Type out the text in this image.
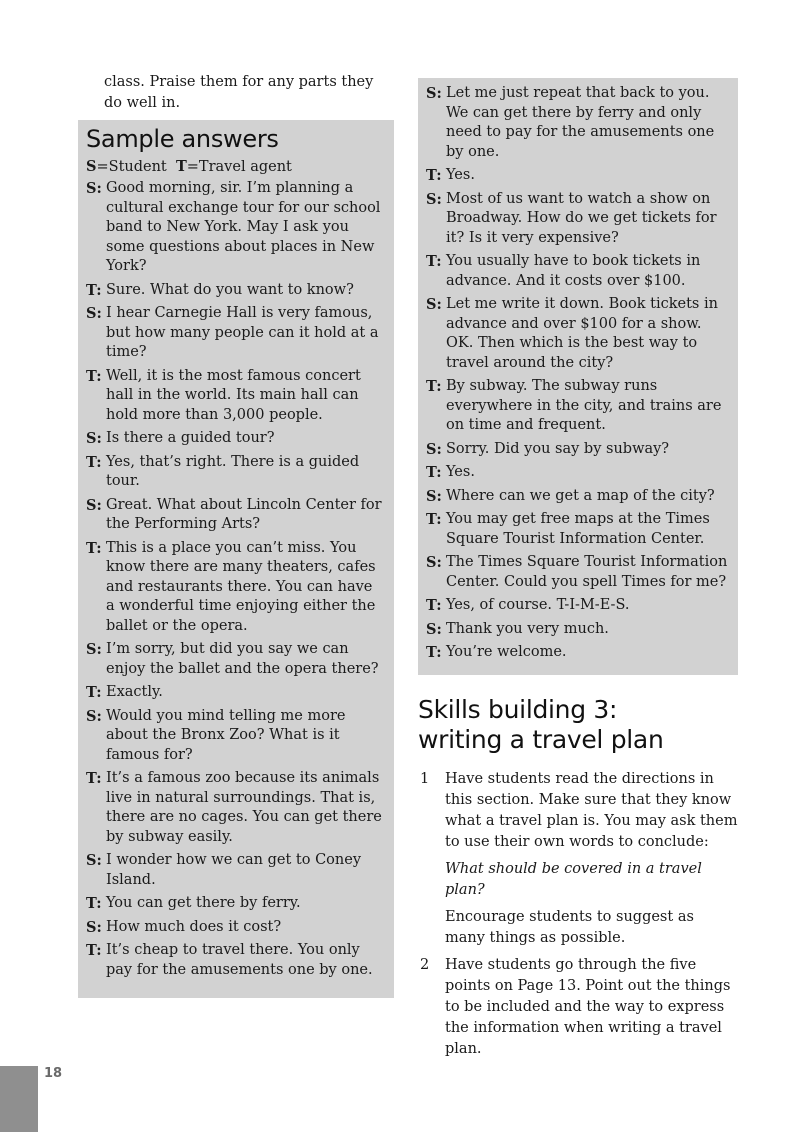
class. Praise them for any parts they do well in.
Sample answers
S=Student T=Travel agent
S: Good morning, sir. I’m planning a cultural exchange tour for our school band to New York. May I ask you some questions about places in New York?
T: Sure. What do you want to know?
S: I hear Carnegie Hall is very famous, but how many people can it hold at a time?
T: Well, it is the most famous concert hall in the world. Its main hall can hold more than 3,000 people.
S: Is there a guided tour?
T: Yes, that’s right. There is a guided tour.
S: Great. What about Lincoln Center for the Performing Arts?
T: This is a place you can’t miss. You know there are many theaters, cafes and restaurants there. You can have a wonderful time enjoying either the ballet or the opera.
S: I’m sorry, but did you say we can enjoy the ballet and the opera there?
T: Exactly.
S: Would you mind telling me more about the Bronx Zoo? What is it famous for?
T: It’s a famous zoo because its animals live in natural surroundings. That is, there are no cages. You can get there by subway easily.
S: I wonder how we can get to Coney Island.
T: You can get there by ferry.
S: How much does it cost?
T: It’s cheap to travel there. You only pay for the amusements one by one.
S: Let me just repeat that back to you. We can get there by ferry and only need to pay for the amusements one by one.
T: Yes.
S: Most of us want to watch a show on Broadway. How do we get tickets for it? Is it very expensive?
T: You usually have to book tickets in advance. And it costs over $100.
S: Let me write it down. Book tickets in advance and over $100 for a show. OK. Then which is the best way to travel around the city?
T: By subway. The subway runs everywhere in the city, and trains are on time and frequent.
S: Sorry. Did you say by subway?
T: Yes.
S: Where can we get a map of the city?
T: You may get free maps at the Times Square Tourist Information Center.
S: The Times Square Tourist Information Center. Could you spell Times for me?
T: Yes, of course. T-I-M-E-S.
S: Thank you very much.
T: You’re welcome.
Skills building 3:
writing a travel plan
1 Have students read the directions in this section. Make sure that they know what a travel plan is. You may ask them to use their own words to conclude:

What should be covered in a travel plan?

Encourage students to suggest as many things as possible.

2 Have students go through the five points on Page 13. Point out the things to be included and the way to express the information when writing a travel plan.

18
